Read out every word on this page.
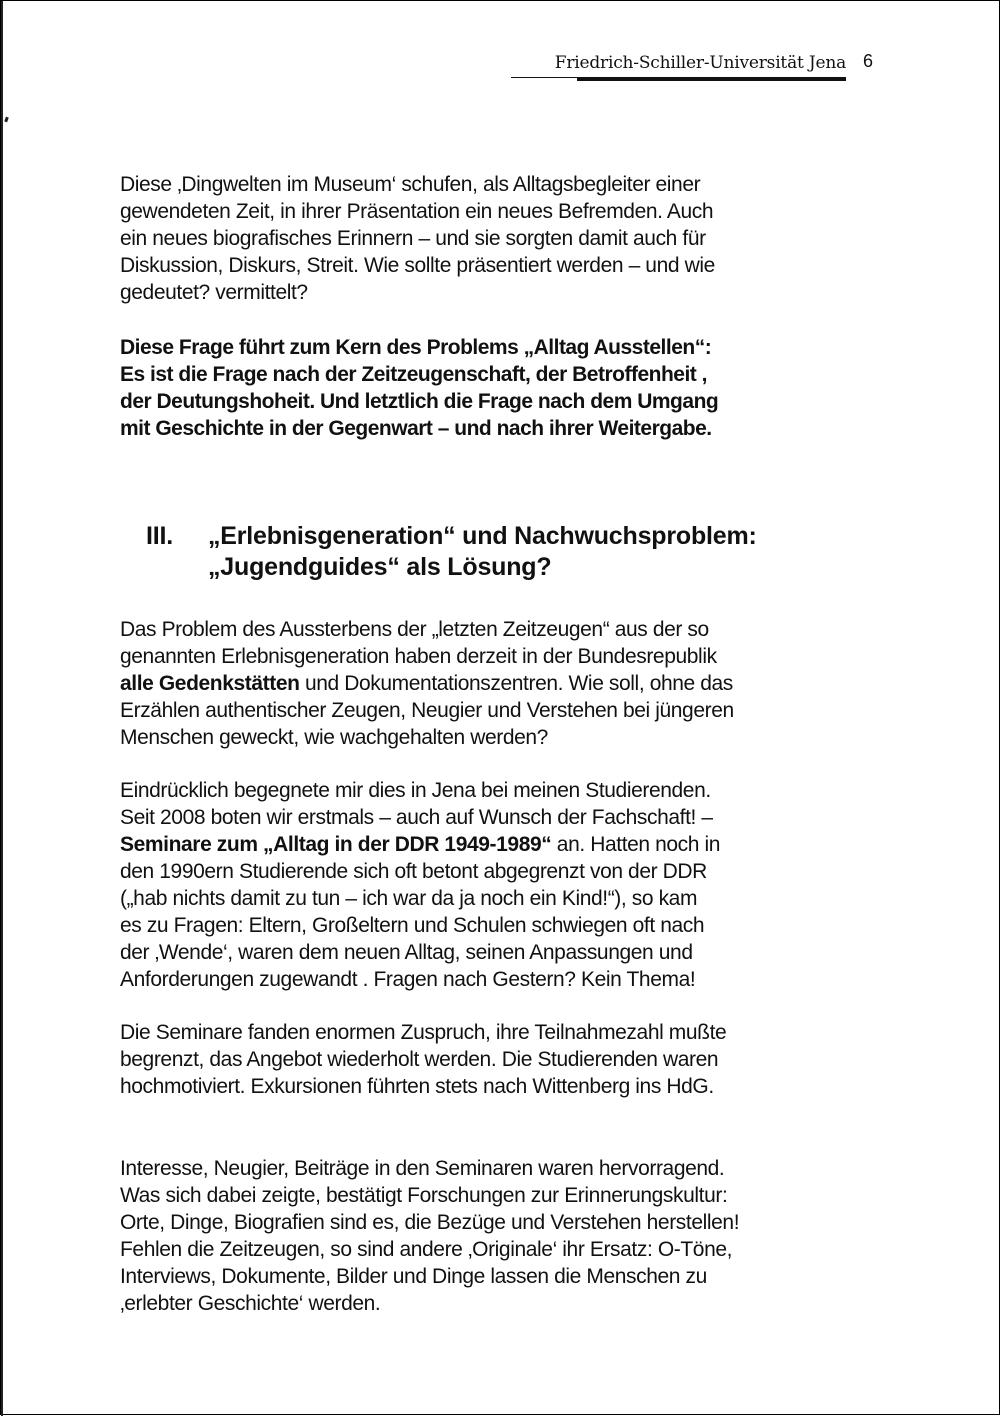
Friedrich-Schiller-Universität Jena 6
Diese ‚Dingwelten im Museum‘ schufen, als Alltagsbegleiter einer
gewendeten Zeit, in ihrer Präsentation ein neues Befremden. Auch
ein neues biografisches Erinnern – und sie sorgten damit auch für
Diskussion, Diskurs, Streit. Wie sollte präsentiert werden – und wie
gedeutet? vermittelt?
Diese Frage führt zum Kern des Problems „Alltag Ausstellen“:
Es ist die Frage nach der Zeitzeugenschaft, der Betroffenheit ,
der Deutungshoheit. Und letztlich die Frage nach dem Umgang
mit Geschichte in der Gegenwart – und nach ihrer Weitergabe.
III. „Erlebnisgeneration“ und Nachwuchsproblem:
„Jugendguides“ als Lösung?
Das Problem des Aussterbens der „letzten Zeitzeugen“ aus der so
genannten Erlebnisgeneration haben derzeit in der Bundesrepublik
alle Gedenkstätten und Dokumentationszentren. Wie soll, ohne das
Erzählen authentischer Zeugen, Neugier und Verstehen bei jüngeren
Menschen geweckt, wie wachgehalten werden?
Eindrücklich begegnete mir dies in Jena bei meinen Studierenden.
Seit 2008 boten wir erstmals – auch auf Wunsch der Fachschaft! –
Seminare zum „Alltag in der DDR 1949-1989“ an. Hatten noch in
den 1990ern Studierende sich oft betont abgegrenzt von der DDR
(„hab nichts damit zu tun – ich war da ja noch ein Kind!“), so kam
es zu Fragen: Eltern, Großeltern und Schulen schwiegen oft nach
der ‚Wende‘, waren dem neuen Alltag, seinen Anpassungen und
Anforderungen zugewandt . Fragen nach Gestern? Kein Thema!
Die Seminare fanden enormen Zuspruch, ihre Teilnahmezahl mußte
begrenzt, das Angebot wiederholt werden. Die Studierenden waren
hochmotiviert. Exkursionen führten stets nach Wittenberg ins HdG.
Interesse, Neugier, Beiträge in den Seminaren waren hervorragend.
Was sich dabei zeigte, bestätigt Forschungen zur Erinnerungskultur:
Orte, Dinge, Biografien sind es, die Bezüge und Verstehen herstellen!
Fehlen die Zeitzeugen, so sind andere ‚Originale‘ ihr Ersatz: O-Töne,
Interviews, Dokumente, Bilder und Dinge lassen die Menschen zu
‚erlebter Geschichte‘ werden.
